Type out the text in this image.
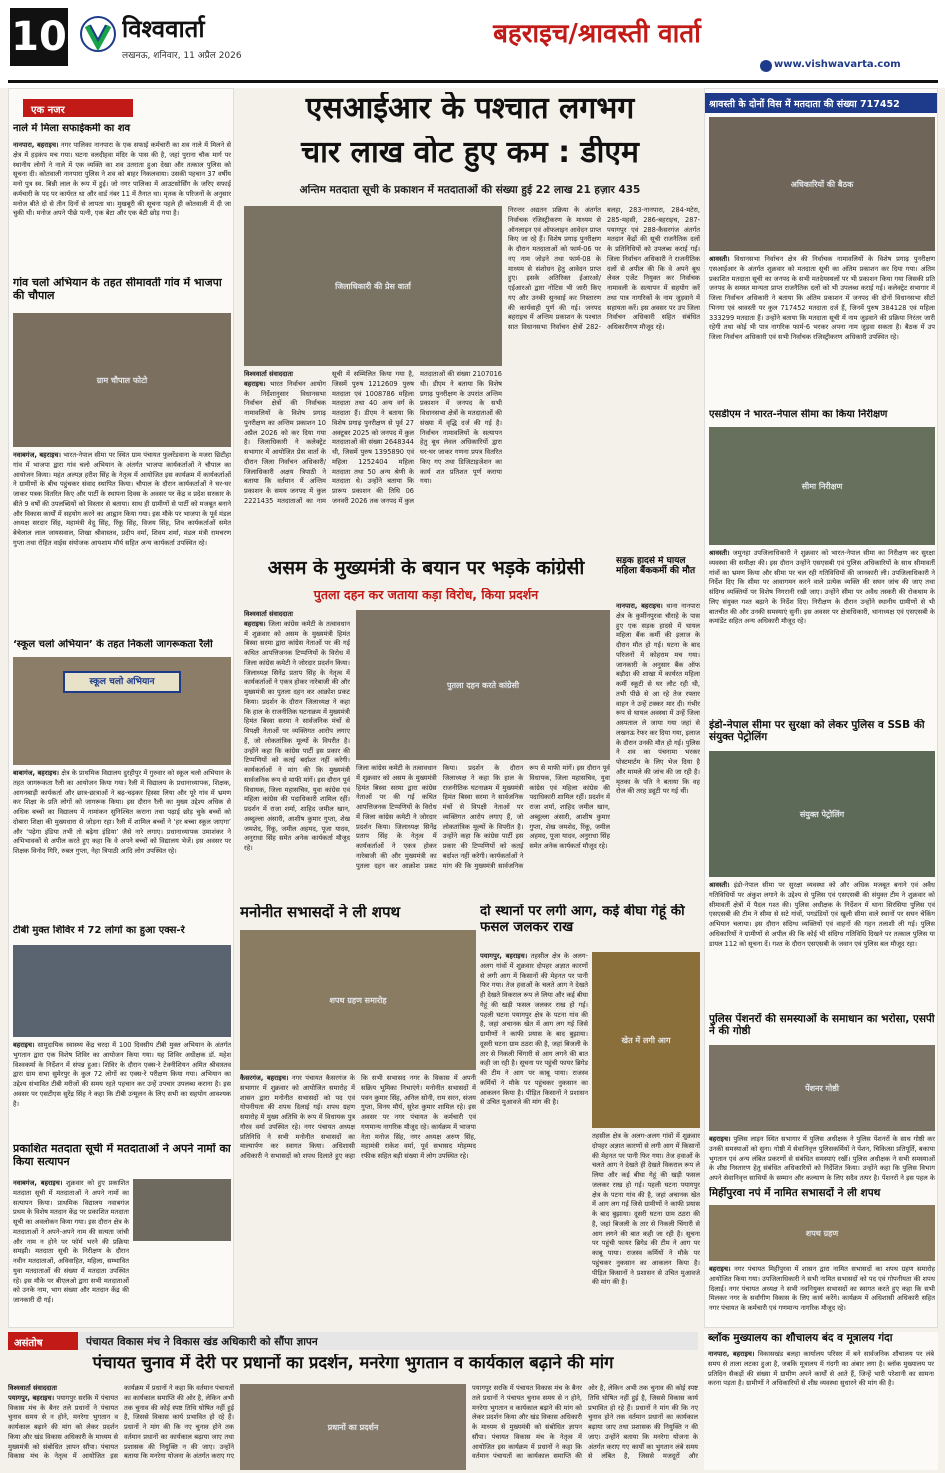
10 विश्ववार्ता
लखनऊ, शनिवार, 11 अप्रैल 2026
बहराइच/श्रावस्ती वार्ता
www.vishwavarta.com
एक नजर
नाले में मिला सफाईकर्मी का शव
नानपारा, बहराइच। नगर पालिका नानपारा के एक सफाई कर्मचारी का शव नाले में मिलने से क्षेत्र में हड़कंप मच गया। घटना वलदीहवा मंदिर के पास की है, जहां पुराना चौक मार्ग पर स्थानीय लोगों ने नाले में एक व्यक्ति का शव उतराता हुआ देखा और तत्काल पुलिस को सूचना दी। कोतवाली नानपारा पुलिस ने शव को बाहर निकलवाया। उसकी पहचान 37 वर्षीय मनो पुत्र स्व. बिन्नी लाल के रूप में हुई। जो नगर पालिका में आउटसोर्सिंग के जरिए सफाई कर्मचारी के पद पर कार्यरत था और वार्ड नंबर 11 में तैनात था। मृतक के परिजनों के अनुसार मनोज बीते दो से तीन दिनों से लापता था। मुखबूरी की सूचना पहले ही कोतवाली में दी जा चुकी थी। मनोज अपने पीछे पत्नी, एक बेटा और एक बेटी छोड़ गया है।
गांव चलो अभियान के तहत सीमावर्ती गांव में भाजपा की चौपाल
ग्राम चौपाल फोटो
नवाबगंज, बहराइच। भारत-नेपाल सीमा पर स्थित ग्राम पंचायत फुलरेंडवाना के मजरा छिटीहा गांव में भाजपा द्वारा गांव चलो अभियान के अंतर्गत भाजपा कार्यकर्ताओं ने चौपाल का आयोजन किया। महंत अल्पज्ञ हरीश सिंह के नेतृत्व में आयोजित इस कार्यक्रम में कार्यकर्ताओं ने ग्रामीणों के बीच पहुंचकर संवाद स्थापित किया। चौपाल के दौरान कार्यकर्ताओं ने घर-घर जाकर पत्रक वितरित किए और पार्टी के स्थापना दिवस के अवसर पर केंद्र व प्रदेश सरकार के बीते 9 वर्षों की उपलब्धियों को विस्तार से बताया। साथ ही ग्रामीणों से पार्टी को मजबूत बनाने और विकास कार्यों में सहयोग करने का आह्वान किया गया। इस मौके पर भाजपा के पूर्व मंडल अध्यक्ष सरदार सिंह, महामंत्री वेदु सिंह, रिंकू सिंह, विजय सिंह, शिव कार्यकर्ताओं समेत बेचेलाल लाल जायसवाल, शिखा श्रीवास्तव, प्रदीप वर्मा, शिवम शर्मा, मंडल मंत्री रामचरण गुप्ता तथा रोहित वाईस संयोजक आयशाम मौर्य सहित अन्य कार्यकर्ता उपस्थित रहे।
‘स्कूल चलो अभियान’ के तहत निकली जागरूकता रैली
स्कूल चलो अभियान
बाबागंज, बहराइच। क्षेत्र के प्राथमिक विद्यालय दुरहीपुर में गुरुवार को स्कूल चलो अभियान के तहत जागरूकता रैली का आयोजन किया गया। रैली में विद्यालय के प्रधानाध्यापक, शिक्षक, आगनबाड़ी कार्यकर्ता और छात्र-छात्राओं ने बढ़-चढ़कर हिस्सा लिया और पूरे गांव में भ्रमण कर शिक्षा के प्रति लोगों को जागरूक किया। इस दौरान रैली का मुख्य उद्देश्य अधिक से अधिक बच्चों का विद्यालय में नामांकन सुनिश्चित कराना तथा पढ़ाई छोड़ चुके बच्चों को दोबारा शिक्षा की मुख्यधारा से जोड़ना रहा। रैली में शामिल बच्चों ने ‘हर बच्चा स्कूल जाएगा’ और ‘पढ़ेगा इंडिया तभी तो बढ़ेगा इंडिया’ जैसे नारे लगाए। प्रधानाध्यापक उमाशंकर ने अभिभावकों से अपील करते हुए कहा कि वे अपने बच्चों को विद्यालय भेजें। इस अवसर पर शिक्षक विनोद गिरि, रुबल गुप्ता, नेहा त्रिपाठी आदि लोग उपस्थित रहे।
टीबी मुक्त शिविर में 72 लोगों का हुआ एक्स-रे
बहराइच। सामुदायिक स्वास्थ्य केंद्र चरदा में 100 दिवसीय टीबी मुक्त अभियान के अंतर्गत भुगतान द्वारा एक विशेष शिविर का आयोजन किया गया। यह शिविर अधीक्षक डॉ. महेश विश्वकर्मा के निर्देशन में संपन्न हुआ। शिविर के दौरान एक्स-रे टेक्नीशियन अमित श्रीवास्तव द्वारा ग्राम सभा सुमेरपुर के कुल 72 लोगों का एक्स-रे परीक्षण किया गया। अभियान का उद्देश्य संभावित टीबी मरीजों की समय रहते पहचान कर उन्हें उपचार उपलब्ध कराना है। इस अवसर पर एसटीएस सुरेंद्र सिंह ने कहा कि टीबी उन्मूलन के लिए सभी का सहयोग आवश्यक है।
प्रकाशित मतदाता सूची में मतदाताओं ने अपने नामों का किया सत्यापन
नवाबगंज, बहराइच। शुक्रवार को हुए प्रकाशित मतदाता सूची में मतदाताओं ने अपने नामों का सत्यापन किया। प्राथमिक विद्यालय नवाबगंज प्रथम के विशेष मतदान केंद्र पर प्रकाशित मतदाता सूची का अवलोकन किया गया। इस दौरान क्षेत्र के मतदाताओं ने अपने-अपने नाम की सत्यता जांची और नाम न होने पर फॉर्म भरने की प्रक्रिया समझी। मतदाता सूची के निरीक्षण के दौरान नवीन मतदाताओं, अविवाहित, महिला, सम्भावित युवा मतदाताओं की संख्या में मतदाता उपस्थित रहे। इस मौके पर बीएलओ द्वारा सभी मतदाताओं को उनके नाम, भाग संख्या और मतदान केंद्र की जानकारी दी गई।
एसआईआर के पश्चात लगभग
चार लाख वोट हुए कम : डीएम
अन्तिम मतदाता सूची के प्रकाशन में मतदाताओं की संख्या हुई 22 लाख 21 हज़ार 435
जिलाधिकारी की प्रेस वार्ता
विश्ववार्ता संवाददाता
बहराइच। भारत निर्वाचन आयोग के निर्देशानुसार विधानसभा निर्वाचन क्षेत्रों की निर्वाचक नामावलियों के विशेष प्रगाढ़ पुनरीक्षण का अन्तिम प्रकाशन 10 अप्रैल 2026 को कर दिया गया है। जिलाधिकारी ने कलेक्ट्रेट सभागार में आयोजित प्रेस वार्ता के दौरान जिला निर्वाचन अधिकारी/जिलाधिकारी अक्षय त्रिपाठी ने बताया कि वर्तमान में अन्तिम प्रकाशन के समय जनपद में कुल 2221435 मतदाताओं का नाम सूची में सम्मिलित किया गया है, जिसमें पुरुष 1212609 पुरुष मतदाता एवं 1008786 महिला मतदाता तथा 40 अन्य वर्ग के मतदाता हैं। डीएम ने बताया कि विशेष प्रगाढ़ पुनरीक्षण से पूर्व 27 अक्टूबर 2025 को जनपद में कुल मतदाताओं की संख्या 2648344 थी, जिसमें पुरुष 1395890 एवं महिला 1252404 महिला मतदाता तथा 50 अन्य श्रेणी के मतदाता थे। उन्होंने बताया कि प्रारूप प्रकाशन की तिथि 06 जनवरी 2026 तक जनपद में कुल मतदाताओं की संख्या 2107016 थी। डीएम ने बताया कि विशेष प्रगाढ़ पुनरीक्षण के उपरांत अन्तिम प्रकाशन में जनपद के सभी विधानसभा क्षेत्रों के मतदाताओं की संख्या में वृद्धि दर्ज की गई है। निर्वाचन नामावलियों के सत्यापन हेतु बूथ लेवल अधिकारियों द्वारा घर-घर जाकर गणना प्रपत्र वितरित किए गए तथा डिजिटाइजेशन का कार्य शत प्रतिशत पूर्ण कराया गया।
निरन्तर अद्यतन प्रक्रिया के अंतर्गत निर्वाचक रजिस्ट्रीकरण के माध्यम से ऑनलाइन एवं ऑफलाइन आवेदन प्राप्त किए जा रहे हैं। विशेष प्रगाढ़ पुनरीक्षण के दौरान मतदाताओं को फार्म-06 पर नए नाम जोड़ने तथा फार्म-08 के माध्यम से संशोधन हेतु आवेदन प्राप्त हुए। इसके अतिरिक्त ईआरओ/एईआरओ द्वारा नोटिस भी जारी किए गए और उनकी सुनवाई कर निस्तारण की कार्यवाही पूर्ण की गई। जनपद बहराइच में अन्तिम प्रकाशन के पश्चात सात विधानसभा निर्वाचन क्षेत्रों 282-बलहा, 283-नानपारा, 284-मटेरा, 285-महसी, 286-बहराइच, 287-पयागपुर एवं 288-कैसरगंज अंतर्गत मतदान केंद्रों की सूची राजनैतिक दलों के प्रतिनिधियों को उपलब्ध कराई गई। जिला निर्वाचन अधिकारी ने राजनीतिक दलों से अपील की कि वे अपने बूथ लेवल एजेंट नियुक्त कर निर्वाचक नामावली के सत्यापन में सहयोग करें तथा पात्र नागरिकों के नाम जुड़वाने में सहायता करें। इस अवसर पर उप जिला निर्वाचन अधिकारी सहित संबंधित अधिकारीगण मौजूद रहे।
असम के मुख्यमंत्री के बयान पर भड़के कांग्रेसी
पुतला दहन कर जताया कड़ा विरोध, किया प्रदर्शन
विश्ववार्ता संवाददाता
बहराइच। जिला कांग्रेस कमेटी के तत्वावधान में शुक्रवार को असम के मुख्यमंत्री हिमंत बिस्वा सरमा द्वारा कांग्रेस नेताओं पर की गई कथित आपत्तिजनक टिप्पणियों के विरोध में जिला कांग्रेस कमेटी ने जोरदार प्रदर्शन किया। जिलाध्यक्ष सिनेंद्र प्रताप सिंह के नेतृत्व में कार्यकर्ताओं ने एकत्र होकर नारेबाजी की और मुख्यमंत्री का पुतला दहन कर आक्रोश प्रकट किया। प्रदर्शन के दौरान जिलाध्यक्ष ने कहा कि हाल के राजनीतिक घटनाक्रम में मुख्यमंत्री हिमंत बिस्वा सरमा ने सार्वजनिक मंचों से विपक्षी नेताओं पर व्यक्तिगत आरोप लगाए हैं, जो लोकतांत्रिक मूल्यों के विपरीत है। उन्होंने कहा कि कांग्रेस पार्टी इस प्रकार की टिप्पणियों को कतई बर्दाश्त नहीं करेगी। कार्यकर्ताओं ने मांग की कि मुख्यमंत्री सार्वजनिक रूप से माफी मांगें। इस दौरान पूर्व विधायक, जिला महासचिव, युवा कांग्रेस एवं महिला कांग्रेस की पदाधिकारी शामिल रहीं। प्रदर्शन में राजा शर्मा, शाहिद जमील खान, अब्दुल्ला अंसारी, आशीष कुमार गुप्ता, शेख जमशेद, रिंकू, जमील अहमद, पूजा यादव, अनुराधा सिंह समेत अनेक कार्यकर्ता मौजूद रहे।
पुतला दहन करते कांग्रेसी
जिला कांग्रेस कमेटी के तत्वावधान में शुक्रवार को असम के मुख्यमंत्री हिमंत बिस्वा सरमा द्वारा कांग्रेस नेताओं पर की गई कथित आपत्तिजनक टिप्पणियों के विरोध में जिला कांग्रेस कमेटी ने जोरदार प्रदर्शन किया। जिलाध्यक्ष सिनेंद्र प्रताप सिंह के नेतृत्व में कार्यकर्ताओं ने एकत्र होकर नारेबाजी की और मुख्यमंत्री का पुतला दहन कर आक्रोश प्रकट किया। प्रदर्शन के दौरान जिलाध्यक्ष ने कहा कि हाल के राजनीतिक घटनाक्रम में मुख्यमंत्री हिमंत बिस्वा सरमा ने सार्वजनिक मंचों से विपक्षी नेताओं पर व्यक्तिगत आरोप लगाए हैं, जो लोकतांत्रिक मूल्यों के विपरीत है। उन्होंने कहा कि कांग्रेस पार्टी इस प्रकार की टिप्पणियों को कतई बर्दाश्त नहीं करेगी। कार्यकर्ताओं ने मांग की कि मुख्यमंत्री सार्वजनिक रूप से माफी मांगें। इस दौरान पूर्व विधायक, जिला महासचिव, युवा कांग्रेस एवं महिला कांग्रेस की पदाधिकारी शामिल रहीं। प्रदर्शन में राजा शर्मा, शाहिद जमील खान, अब्दुल्ला अंसारी, आशीष कुमार गुप्ता, शेख जमशेद, रिंकू, जमील अहमद, पूजा यादव, अनुराधा सिंह समेत अनेक कार्यकर्ता मौजूद रहे।
सड़क हादसे में घायल महिला बैंककर्मी की मौत
नानपारा, बहराइच। थाना नानपारा क्षेत्र के कुर्मीनपुरवा चौराहे के पास हुए एक सड़क हादसे में घायल महिला बैंक कर्मी की इलाज के दौरान मौत हो गई। घटना के बाद परिजनों में कोहराम मच गया। जानकारी के अनुसार बैंक ऑफ बड़ौदा की शाखा में कार्यरत महिला कर्मी स्कूटी से घर लौट रही थी, तभी पीछे से आ रहे तेज रफ्तार वाहन ने उन्हें टक्कर मार दी। गंभीर रूप से घायल अवस्था में उन्हें जिला अस्पताल ले जाया गया जहां से लखनऊ रेफर कर दिया गया, इलाज के दौरान उनकी मौत हो गई। पुलिस ने शव का पंचनामा भरकर पोस्टमार्टम के लिए भेज दिया है और मामले की जांच की जा रही है। मृतका के पति ने बताया कि वह रोज की तरह ड्यूटी पर गई थीं।
मनोनीत सभासदों ने ली शपथ
शपथ ग्रहण समारोह
कैसरगंज, बहराइच। नगर पंचायत कैसरगंज के सभागार में शुक्रवार को आयोजित समारोह में शासन द्वारा मनोनीत सभासदों को पद एवं गोपनीयता की शपथ दिलाई गई। शपथ ग्रहण समारोह में मुख्य अतिथि के रूप में विधायक पुत्र गौरव वर्मा उपस्थित रहे। नगर पंचायत अध्यक्ष प्रतिनिधि ने सभी मनोनीत सभासदों का माल्यार्पण कर स्वागत किया। अधिशासी अधिकारी ने सभासदों को शपथ दिलाते हुए कहा कि सभी सभासद नगर के विकास में अपनी सक्रिय भूमिका निभाएंगे। मनोनीत सभासदों में पवन कुमार सिंह, अनिल सोनी, राम सरन, संजय गुप्ता, विनय मौर्य, सुरेश कुमार शामिल रहे। इस अवसर पर नगर पंचायत के कर्मचारी एवं गणमान्य नागरिक मौजूद रहे। कार्यक्रम में भाजपा नेता मनोज सिंह, नगर अध्यक्ष अरुण सिंह, महामंत्री राकेश वर्मा, पूर्व सभासद मोहम्मद रफीक सहित बड़ी संख्या में लोग उपस्थित रहे।
दो स्थानों पर लगी आग, कई बीघा गेहूं की फसल जलकर राख
पयागपुर, बहराइच। तहसील क्षेत्र के अलग-अलग गांवों में शुक्रवार दोपहर अज्ञात कारणों से लगी आग में किसानों की मेहनत पर पानी फिर गया। तेज हवाओं के चलते आग ने देखते ही देखते विकराल रूप ले लिया और कई बीघा गेहूं की खड़ी फसल जलकर राख हो गई। पहली घटना पयागपुर क्षेत्र के पटना गांव की है, जहां अचानक खेत में आग लग गई जिसे ग्रामीणों ने काफी प्रयास के बाद बुझाया। दूसरी घटना ग्राम ठठरा की है, जहां बिजली के तार से निकली चिंगारी से आग लगने की बात कही जा रही है। सूचना पर पहुंची फायर ब्रिगेड की टीम ने आग पर काबू पाया। राजस्व कर्मियों ने मौके पर पहुंचकर नुकसान का आकलन किया है। पीड़ित किसानों ने प्रशासन से उचित मुआवजे की मांग की है।
खेत में लगी आग
तहसील क्षेत्र के अलग-अलग गांवों में शुक्रवार दोपहर अज्ञात कारणों से लगी आग में किसानों की मेहनत पर पानी फिर गया। तेज हवाओं के चलते आग ने देखते ही देखते विकराल रूप ले लिया और कई बीघा गेहूं की खड़ी फसल जलकर राख हो गई। पहली घटना पयागपुर क्षेत्र के पटना गांव की है, जहां अचानक खेत में आग लग गई जिसे ग्रामीणों ने काफी प्रयास के बाद बुझाया। दूसरी घटना ग्राम ठठरा की है, जहां बिजली के तार से निकली चिंगारी से आग लगने की बात कही जा रही है। सूचना पर पहुंची फायर ब्रिगेड की टीम ने आग पर काबू पाया। राजस्व कर्मियों ने मौके पर पहुंचकर नुकसान का आकलन किया है। पीड़ित किसानों ने प्रशासन से उचित मुआवजे की मांग की है।
श्रावस्ती के दोनों विस में मतदाता की संख्या 717452
अधिकारियों की बैठक
श्रावस्ती। विधानसभा निर्वाचन क्षेत्र की निर्वाचक नामावलियों के विशेष प्रगाढ़ पुनरीक्षण एसआईआर के अंतर्गत शुक्रवार को मतदाता सूची का अंतिम प्रकाशन कर दिया गया। अंतिम प्रकाशित मतदाता सूची का जनपद के सभी मतदेयस्थलों पर भी प्रकाशन किया गया जिसकी प्रति जनपद के समस्त मान्यता प्राप्त राजनैतिक दलों को भी उपलब्ध कराई गई। कलेक्ट्रेट सभागार में जिला निर्वाचन अधिकारी ने बताया कि अंतिम प्रकाशन में जनपद की दोनों विधानसभा सीटों भिनगा एवं श्रावस्ती पर कुल 717452 मतदाता दर्ज हैं, जिनमें पुरुष 384128 एवं महिला 333299 मतदाता हैं। उन्होंने बताया कि मतदाता सूची में नाम जुड़वाने की प्रक्रिया निरंतर जारी रहेगी तथा कोई भी पात्र नागरिक फार्म-6 भरकर अपना नाम जुड़वा सकता है। बैठक में उप जिला निर्वाचन अधिकारी एवं सभी निर्वाचक रजिस्ट्रीकरण अधिकारी उपस्थित रहे।
एसडीएम ने भारत-नेपाल सीमा का किया निरीक्षण
सीमा निरीक्षण
श्रावस्ती। जमुनहा उपजिलाधिकारी ने शुक्रवार को भारत-नेपाल सीमा का निरीक्षण कर सुरक्षा व्यवस्था की समीक्षा की। इस दौरान उन्होंने एसएसबी एवं पुलिस अधिकारियों के साथ सीमावर्ती गांवों का भ्रमण किया और सीमा पर चल रही गतिविधियों की जानकारी ली। उपजिलाधिकारी ने निर्देश दिए कि सीमा पर आवागमन करने वाले प्रत्येक व्यक्ति की सघन जांच की जाए तथा संदिग्ध व्यक्तियों पर विशेष निगरानी रखी जाए। उन्होंने सीमा पर अवैध तस्करी की रोकथाम के लिए संयुक्त गश्त बढ़ाने के निर्देश दिए। निरीक्षण के दौरान उन्होंने स्थानीय ग्रामीणों से भी बातचीत की और उनकी समस्याएं सुनीं। इस अवसर पर क्षेत्राधिकारी, थानाध्यक्ष एवं एसएसबी के कमांडेंट सहित अन्य अधिकारी मौजूद रहे।
इंडो-नेपाल सीमा पर सुरक्षा को लेकर पुलिस व SSB की संयुक्त पेट्रोलिंग
संयुक्त पेट्रोलिंग
श्रावस्ती। इंडो-नेपाल सीमा पर सुरक्षा व्यवस्था को और अधिक मजबूत बनाने एवं अवैध गतिविधियों पर अंकुश लगाने के उद्देश्य से पुलिस एवं एसएसबी की संयुक्त टीम ने शुक्रवार को सीमावर्ती क्षेत्रों में पैदल गश्त की। पुलिस अधीक्षक के निर्देशन में थाना सिरसिया पुलिस एवं एसएसबी की टीम ने सीमा से सटे गांवों, पगडंडियों एवं खुली सीमा वाले स्थानों पर सघन चेकिंग अभियान चलाया। इस दौरान संदिग्ध व्यक्तियों एवं वाहनों की गहन तलाशी ली गई। पुलिस अधिकारियों ने ग्रामीणों से अपील की कि कोई भी संदिग्ध गतिविधि दिखने पर तत्काल पुलिस या डायल 112 को सूचना दें। गश्त के दौरान एसएसबी के जवान एवं पुलिस बल मौजूद रहा।
पुलिस पेंशनरों की समस्याओं के समाधान का भरोसा, एसपी ने की गोष्ठी
पेंशनर गोष्ठी
बहराइच। पुलिस लाइन स्थित सभागार में पुलिस अधीक्षक ने पुलिस पेंशनरों के साथ गोष्ठी कर उनकी समस्याओं को सुना। गोष्ठी में सेवानिवृत्त पुलिसकर्मियों ने पेंशन, चिकित्सा प्रतिपूर्ति, बकाया भुगतान एवं अन्य लंबित प्रकरणों से संबंधित समस्याएं रखीं। पुलिस अधीक्षक ने सभी समस्याओं के शीघ्र निस्तारण हेतु संबंधित अधिकारियों को निर्देशित किया। उन्होंने कहा कि पुलिस विभाग अपने सेवानिवृत्त साथियों के सम्मान और कल्याण के लिए सदैव तत्पर है। पेंशनरों ने इस पहल के
मिहींपुरवा नपं में नामित सभासदों ने ली शपथ
शपथ ग्रहण
बहराइच। नगर पंचायत मिहींपुरवा में शासन द्वारा नामित सभासदों का शपथ ग्रहण समारोह आयोजित किया गया। उपजिलाधिकारी ने सभी नामित सभासदों को पद एवं गोपनीयता की शपथ दिलाई। नगर पंचायत अध्यक्ष ने सभी नवनियुक्त सभासदों का स्वागत करते हुए कहा कि सभी मिलकर नगर के सर्वांगीण विकास के लिए कार्य करेंगे। कार्यक्रम में अधिशासी अधिकारी सहित नगर पंचायत के कर्मचारी एवं गणमान्य नागरिक मौजूद रहे।
असंतोष	पंचायत विकास मंच ने विकास खंड अधिकारी को सौंपा ज्ञापन
पंचायत चुनाव में देरी पर प्रधानों का प्रदर्शन, मनरेगा भुगतान व कार्यकाल बढ़ाने की मांग
विश्ववार्ता संवाददाता
पयागपुर, बहराइच। पयागपुर सरकि में पंचायत विकास मंच के बैनर तले प्रधानों ने पंचायत चुनाव समय से न होने, मनरेगा भुगतान व कार्यकाल बढ़ाने की मांग को लेकर प्रदर्शन किया और खंड विकास अधिकारी के माध्यम से मुख्यमंत्री को संबोधित ज्ञापन सौंपा। पंचायत विकास मंच के नेतृत्व में आयोजित इस कार्यक्रम में प्रधानों ने कहा कि वर्तमान पंचायतों का कार्यकाल समाप्ति की ओर है, लेकिन अभी तक चुनाव की कोई स्पष्ट तिथि घोषित नहीं हुई है, जिससे विकास कार्य प्रभावित हो रहे हैं। प्रधानों ने मांग की कि नए चुनाव होने तक वर्तमान प्रधानों का कार्यकाल बढ़ाया जाए तथा प्रशासक की नियुक्ति न की जाए। उन्होंने बताया कि मनरेगा योजना के अंतर्गत कराए गए
प्रधानों का प्रदर्शन
पयागपुर सरकि में पंचायत विकास मंच के बैनर तले प्रधानों ने पंचायत चुनाव समय से न होने, मनरेगा भुगतान व कार्यकाल बढ़ाने की मांग को लेकर प्रदर्शन किया और खंड विकास अधिकारी के माध्यम से मुख्यमंत्री को संबोधित ज्ञापन सौंपा। पंचायत विकास मंच के नेतृत्व में आयोजित इस कार्यक्रम में प्रधानों ने कहा कि वर्तमान पंचायतों का कार्यकाल समाप्ति की ओर है, लेकिन अभी तक चुनाव की कोई स्पष्ट तिथि घोषित नहीं हुई है, जिससे विकास कार्य प्रभावित हो रहे हैं। प्रधानों ने मांग की कि नए चुनाव होने तक वर्तमान प्रधानों का कार्यकाल बढ़ाया जाए तथा प्रशासक की नियुक्ति न की जाए। उन्होंने बताया कि मनरेगा योजना के अंतर्गत कराए गए कार्यों का भुगतान लंबे समय से लंबित है, जिससे मजदूरों और
ब्लॉक मुख्यालय का शौचालय बंद व मूत्रालय गंदा
नानपारा, बहराइच। विकासखंड बलहा कार्यालय परिसर में बने सार्वजनिक शौचालय पर लंबे समय से ताला लटका हुआ है, जबकि मूत्रालय में गंदगी का अंबार लगा है। ब्लॉक मुख्यालय पर प्रतिदिन सैकड़ों की संख्या में ग्रामीण अपने कार्यों से आते हैं, जिन्हें भारी परेशानी का सामना करना पड़ता है। ग्रामीणों ने अधिकारियों से शीघ्र व्यवस्था सुधारने की मांग की है।
